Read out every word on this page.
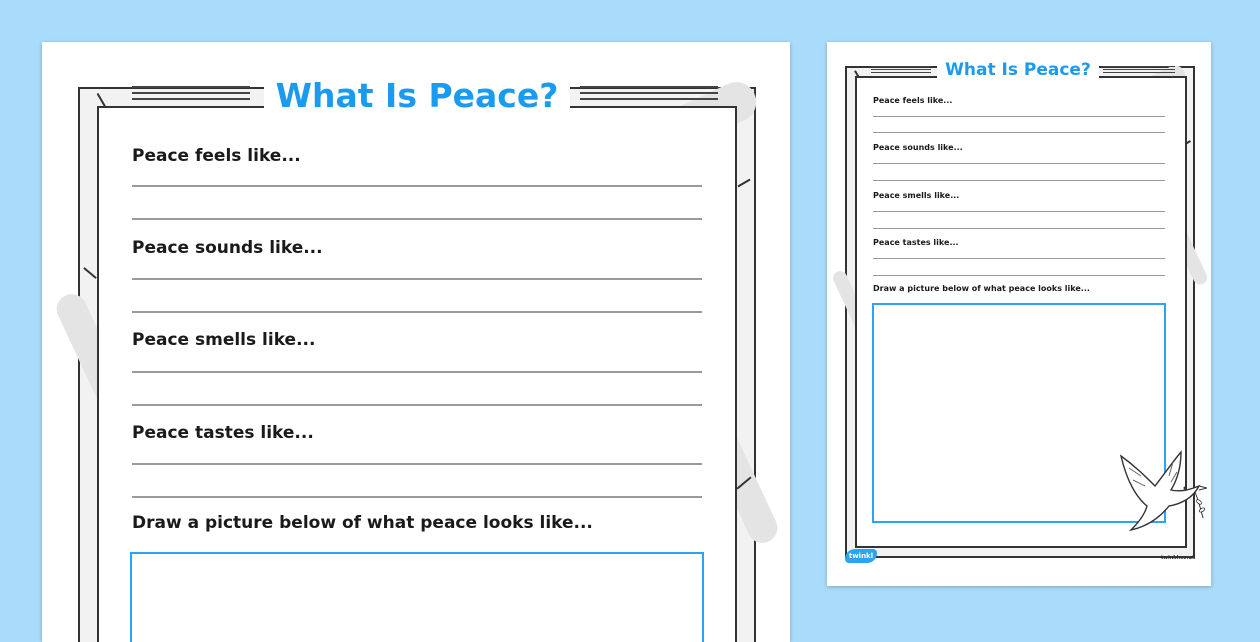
What Is Peace?
Peace feels like...
Peace sounds like...
Peace smells like...
Peace tastes like...
Draw a picture below of what peace looks like...
What Is Peace?
Peace feels like...
Peace sounds like...
Peace smells like...
Peace tastes like...
Draw a picture below of what peace looks like...
twinkl	twinkl.co.uk
